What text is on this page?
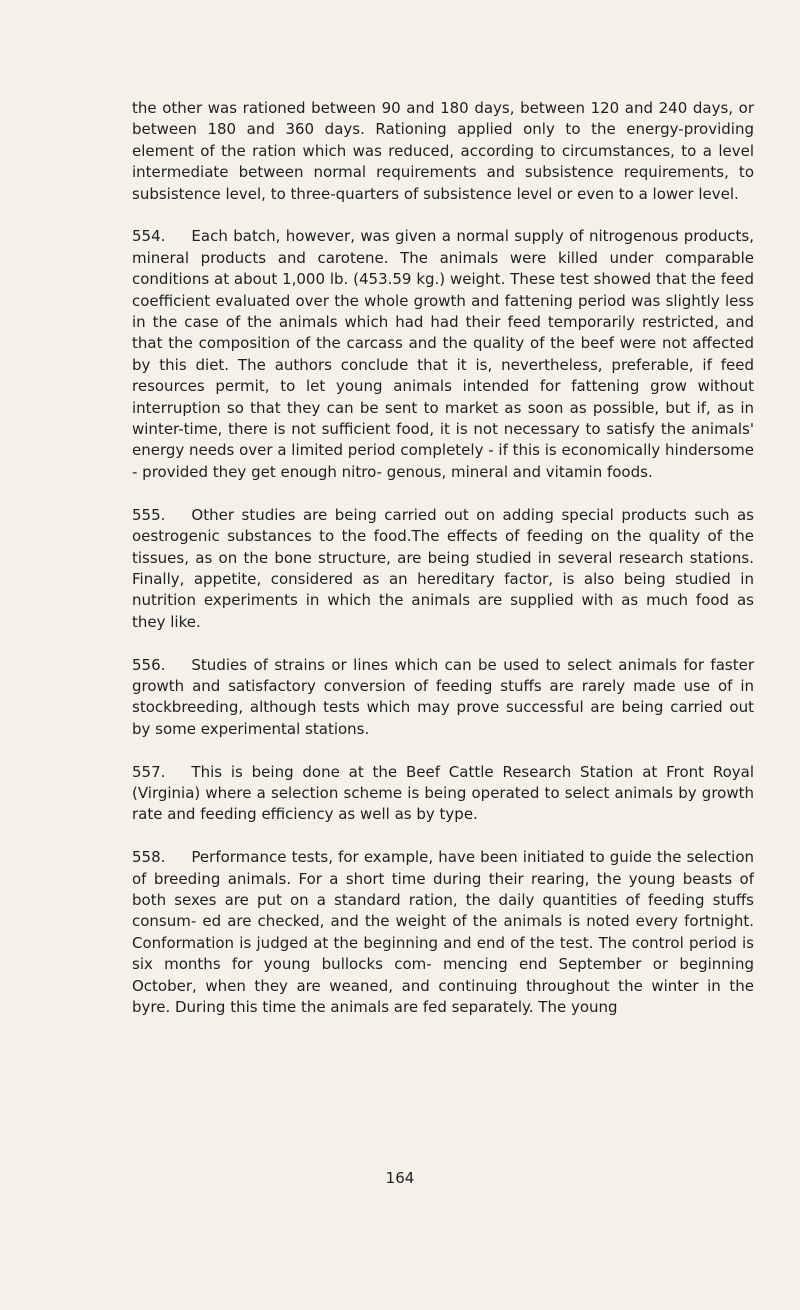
the other was rationed between 90 and 180 days, between 120 and 240 days, or between 180 and 360 days. Rationing applied only to the energy-providing element of the ration which was reduced, according to circumstances, to a level intermediate between normal requirements and subsistence requirements, to subsistence level, to three-quarters of subsistence level or even to a lower level.

554. Each batch, however, was given a normal supply of nitrogenous products, mineral products and carotene. The animals were killed under comparable conditions at about 1,000 lb. (453.59 kg.) weight. These test showed that the feed coefficient evaluated over the whole growth and fattening period was slightly less in the case of the animals which had had their feed temporarily restricted, and that the composition of the carcass and the quality of the beef were not affected by this diet. The authors conclude that it is, nevertheless, preferable, if feed resources permit, to let young animals intended for fattening grow without interruption so that they can be sent to market as soon as possible, but if, as in winter-time, there is not sufficient food, it is not necessary to satisfy the animals' energy needs over a limited period completely - if this is economically hindersome - provided they get enough nitro- genous, mineral and vitamin foods.

555. Other studies are being carried out on adding special products such as oestrogenic substances to the food.The effects of feeding on the quality of the tissues, as on the bone structure, are being studied in several research stations. Finally, appetite, considered as an hereditary factor, is also being studied in nutrition experiments in which the animals are supplied with as much food as they like.

556. Studies of strains or lines which can be used to select animals for faster growth and satisfactory conversion of feeding stuffs are rarely made use of in stockbreeding, although tests which may prove successful are being carried out by some experimental stations.

557. This is being done at the Beef Cattle Research Station at Front Royal (Virginia) where a selection scheme is being operated to select animals by growth rate and feeding efficiency as well as by type.

558. Performance tests, for example, have been initiated to guide the selection of breeding animals. For a short time during their rearing, the young beasts of both sexes are put on a standard ration, the daily quantities of feeding stuffs consum- ed are checked, and the weight of the animals is noted every fortnight. Conformation is judged at the beginning and end of the test. The control period is six months for young bullocks com- mencing end September or beginning October, when they are weaned, and continuing throughout the winter in the byre. During this time the animals are fed separately. The young

164
